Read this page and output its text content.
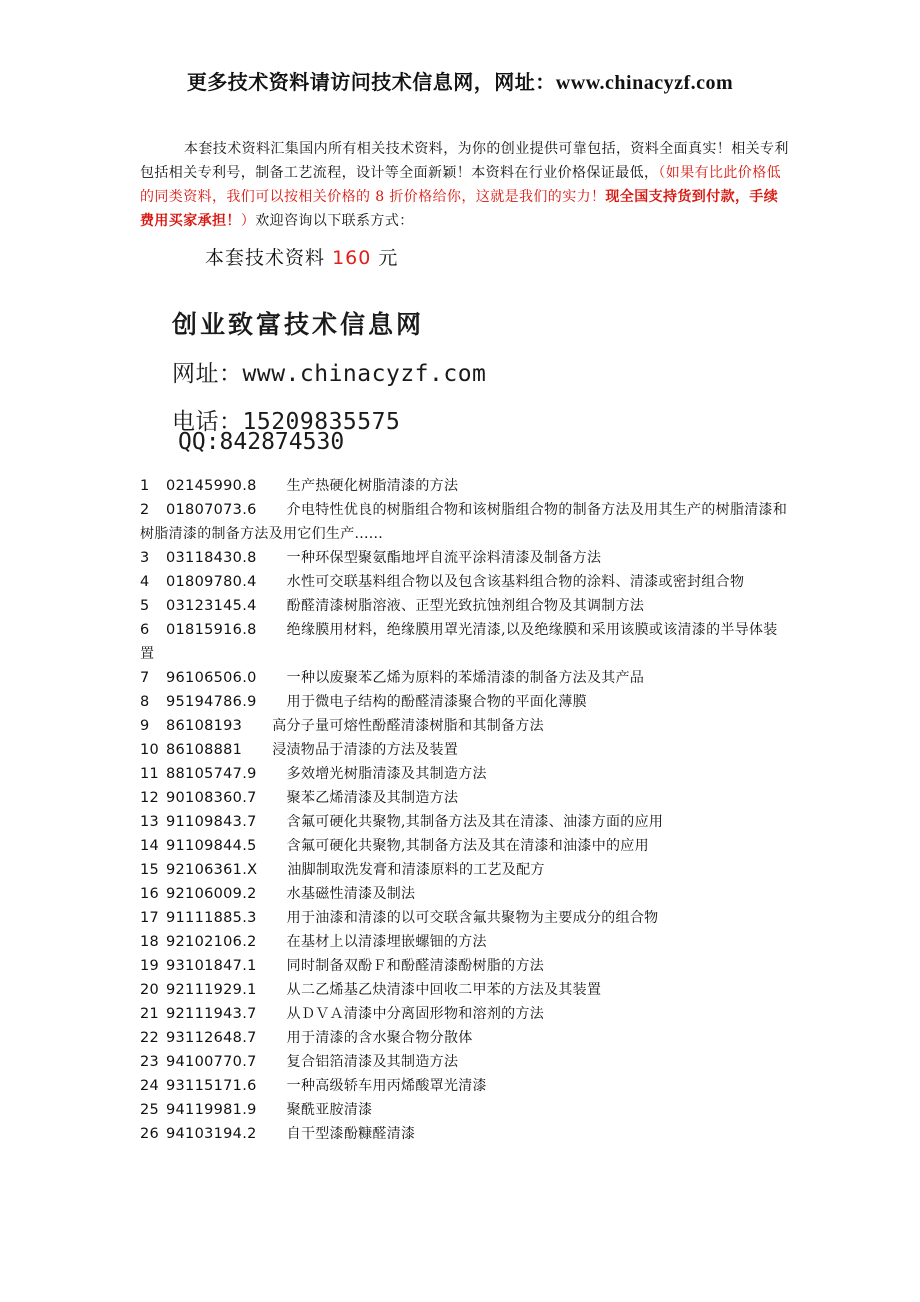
更多技术资料请访问技术信息网，网址：www.chinacyzf.com
本套技术资料汇集国内所有相关技术资料，为你的创业提供可靠包括，资料全面真实！相关专利包括相关专利号，制备工艺流程，设计等全面新颖！本资料在行业价格保证最低，（如果有比此价格低的同类资料，我们可以按相关价格的 8 折价格给你，这就是我们的实力！现全国支持货到付款，手续费用买家承担！）欢迎咨询以下联系方式：
本套技术资料 160 元
创业致富技术信息网
网址：www.chinacyzf.com
电话：15209835575
QQ:842874530
1 02145990.8 生产热硬化树脂清漆的方法
2 01807073.6 介电特性优良的树脂组合物和该树脂组合物的制备方法及用其生产的树脂清漆和树脂清漆的制备方法及用它们生产......
3 03118430.8 一种环保型聚氨酯地坪自流平涂料清漆及制备方法
4 01809780.4 水性可交联基料组合物以及包含该基料组合物的涂料、清漆或密封组合物
5 03123145.4 酚醛清漆树脂溶液、正型光致抗蚀剂组合物及其调制方法
6 01815916.8 绝缘膜用材料，绝缘膜用罩光清漆,以及绝缘膜和采用该膜或该清漆的半导体装置
7 96106506.0 一种以废聚苯乙烯为原料的苯烯清漆的制备方法及其产品
8 95194786.9 用于微电子结构的酚醛清漆聚合物的平面化薄膜
9 86108193 高分子量可熔性酚醛清漆树脂和其制备方法
10 86108881 浸渍物品于清漆的方法及装置
11 88105747.9 多效增光树脂清漆及其制造方法
12 90108360.7 聚苯乙烯清漆及其制造方法
13 91109843.7 含氟可硬化共聚物,其制备方法及其在清漆、油漆方面的应用
14 91109844.5 含氟可硬化共聚物,其制备方法及其在清漆和油漆中的应用
15 92106361.X 油脚制取洗发膏和清漆原料的工艺及配方
16 92106009.2 水基磁性清漆及制法
17 91111885.3 用于油漆和清漆的以可交联含氟共聚物为主要成分的组合物
18 92102106.2 在基材上以清漆埋嵌螺钿的方法
19 93101847.1 同时制备双酚Ｆ和酚醛清漆酚树脂的方法
20 92111929.1 从二乙烯基乙炔清漆中回收二甲苯的方法及其装置
21 92111943.7 从ＤＶＡ清漆中分离固形物和溶剂的方法
22 93112648.7 用于清漆的含水聚合物分散体
23 94100770.7 复合铝箔清漆及其制造方法
24 93115171.6 一种高级轿车用丙烯酸罩光清漆
25 94119981.9 聚酰亚胺清漆
26 94103194.2 自干型漆酚糠醛清漆
